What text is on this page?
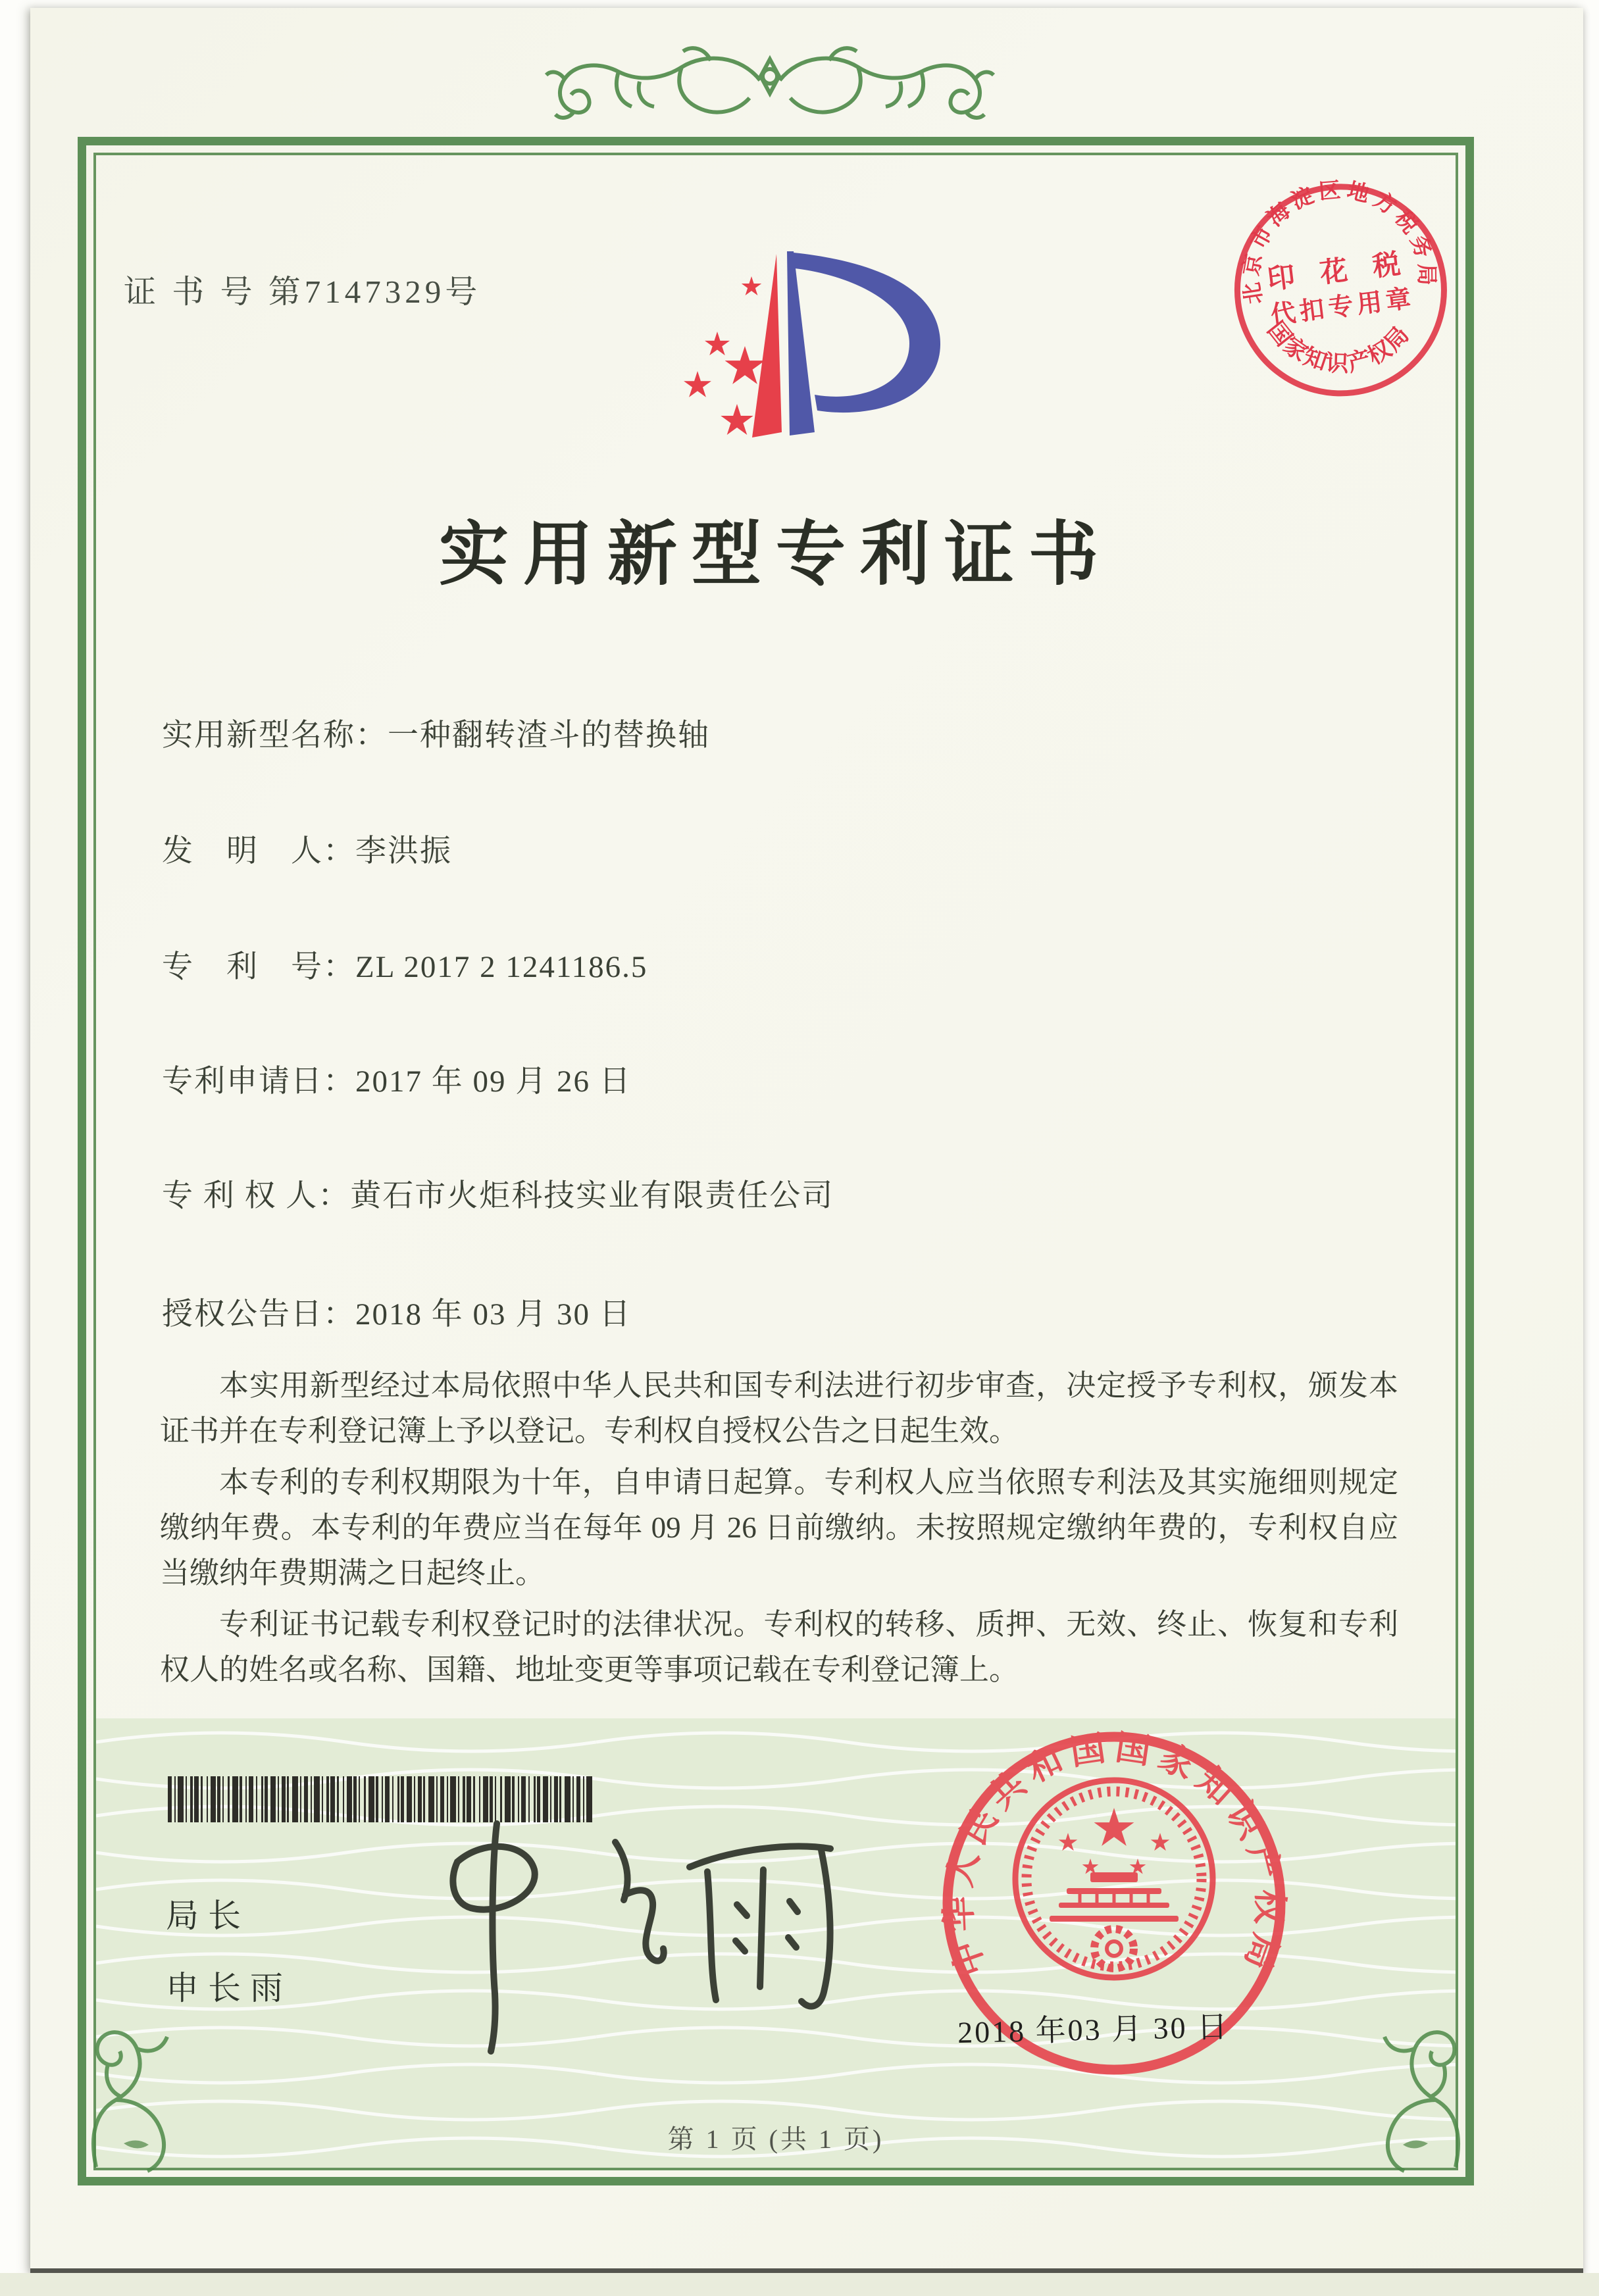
北京市海淀区地方税务局
国家知识产权局
印 花 税
代扣专用章
证 书 号 第7147329号
实用新型专利证书
实用新型名称：一种翻转渣斗的替换轴
发　明　人：李洪振
专　利　号：ZL 2017 2 1241186.5
专利申请日：2017 年 09 月 26 日
专 利 权 人：黄石市火炬科技实业有限责任公司
授权公告日：2018 年 03 月 30 日

本实用新型经过本局依照中华人民共和国专利法进行初步审查，决定授予专利权，颁发本证书并在专利登记簿上予以登记。专利权自授权公告之日起生效。

本专利的专利权期限为十年，自申请日起算。专利权人应当依照专利法及其实施细则规定缴纳年费。本专利的年费应当在每年 09 月 26 日前缴纳。未按照规定缴纳年费的，专利权自应当缴纳年费期满之日起终止。

专利证书记载专利权登记时的法律状况。专利权的转移、质押、无效、终止、恢复和专利权人的姓名或名称、国籍、地址变更等事项记载在专利登记簿上。

局长
申长雨
中华人民共和国国家知识产权局
2018 年03 月 30 日
第 1 页 (共 1 页)
